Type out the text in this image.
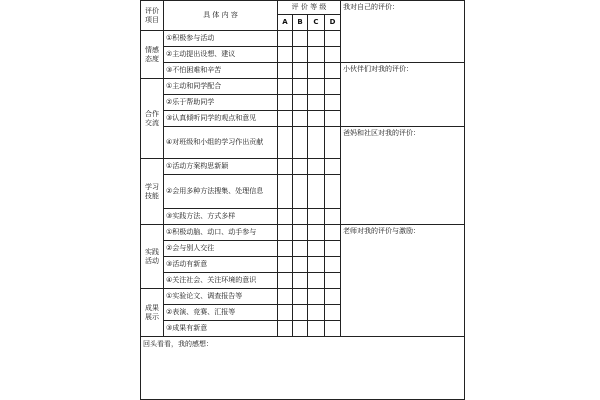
评价
项目	具 体 内 容	评 价 等 级				我对自己的评价：
		A	B	C	D	
情感
态度	①积极参与活动					
	②主动提出设想、建议					
	③不怕困难和辛苦					小伙伴们对我的评价：
合作
交流	①主动和同学配合					
	②乐于帮助同学					
	③认真倾听同学的观点和意见					
	④对班级和小组的学习作出贡献					爸妈和社区对我的评价：
学习
技能	①活动方案构思新颖					
	②会用多种方法搜集、处理信息					
	③实践方法、方式多样					
实践
活动	①积极动脑、动口、动手参与					老师对我的评价与激励：
	②会与别人交往					
	③活动有新意					
	④关注社会、关注环境的意识					
成果
展示	①实验论文、调查报告等					
	②表演、竞赛、汇报等					
	③成果有新意					
回头看看，我的感想：						
